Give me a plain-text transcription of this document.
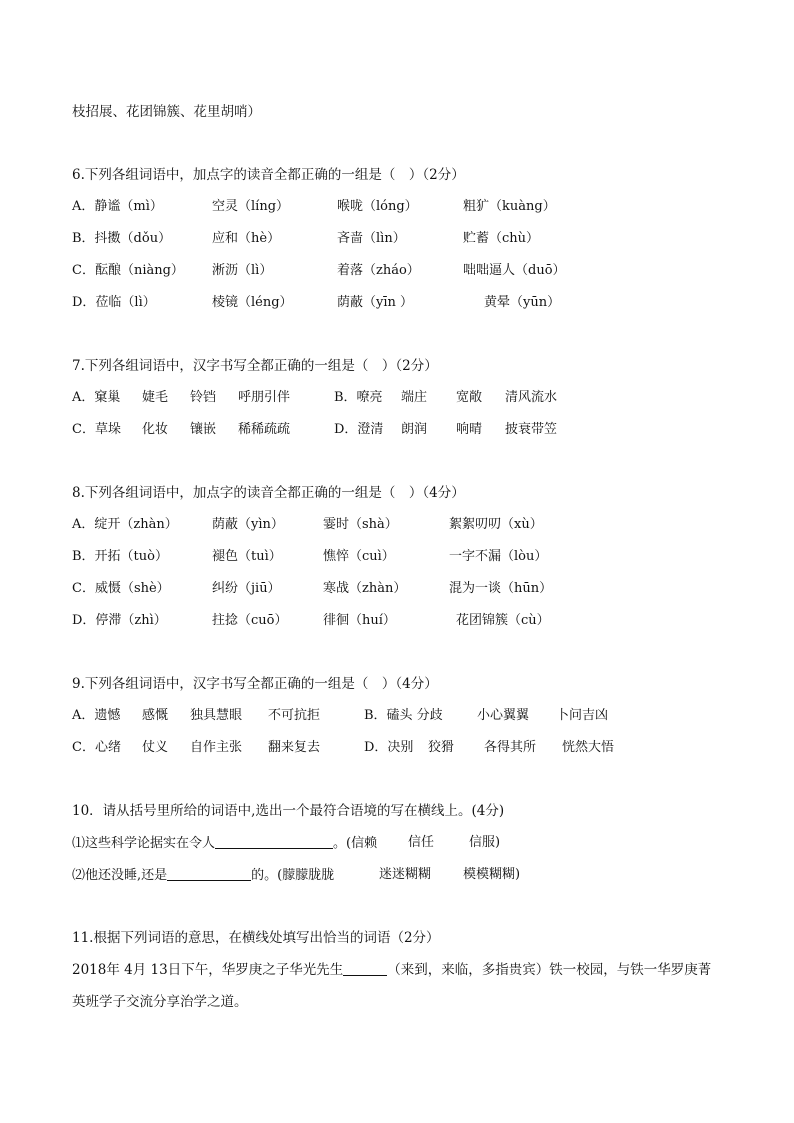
枝招展、花团锦簇、花里胡哨）
6.下列各组词语中，加点字的读音全都正确的一组是（　）（2分）
A．静谧（mì）	空灵（líng）	喉咙（lóng）	粗犷（kuàng）
B．抖擞（dǒu）	应和（hè）	吝啬（lìn）	贮蓄（chù）
C．酝酿（niàng） 淅沥（lì）	着落（zháo）	咄咄逼人（duō）
D．莅临（lì）	棱镜（léng）	荫蔽（yīn ）	黄晕（yūn）
7.下列各组词语中，汉字书写全都正确的一组是（　）（2分）
A．窠巢 婕毛 铃铛 呼朋引伴	B．嘹亮 端庄 宽敞 清风流水
C．草垛 化妆 镶嵌 稀稀疏疏	D．澄清 朗润 响晴 披衰带笠
8.下列各组词语中，加点字的读音全都正确的一组是（　）（4分）
A．绽开（zhàn）	荫蔽（yìn）	霎时（shà）	絮絮叨叨（xù）
B．开拓（tuò）	褪色（tuì）	憔悴（cuì）	一字不漏（lòu）
C．威慑（shè）	纠纷（jiū）	寒战（zhàn）	混为一谈（hūn）
D．停滞（zhì）	拄捻（cuō）	徘徊（huí）	花团锦簇（cù）
9.下列各组词语中，汉字书写全都正确的一组是（　）（4分）
A．遗憾 感慨 独具慧眼 不可抗拒	B．磕头 分歧	小心翼翼 卜问吉凶
C．心绪 仗义 自作主张 翻来复去	D．决别 狡猾 各得其所 恍然大悟
10．请从括号里所给的词语中,选出一个最符合语境的写在横线上。(4分)
⑴这些科学论据实在令人	。(信赖 信任	信服)
⑵他还没睡,还是	的。(朦朦胧胧	迷迷糊糊 模模糊糊)
11.根据下列词语的意思，在横线处填写出恰当的词语（2分）
2018年 4月 13日下午，华罗庚之子华光先生	（来到，来临，多指贵宾）铁一校园，与铁一华罗庚菁
英班学子交流分享治学之道。
